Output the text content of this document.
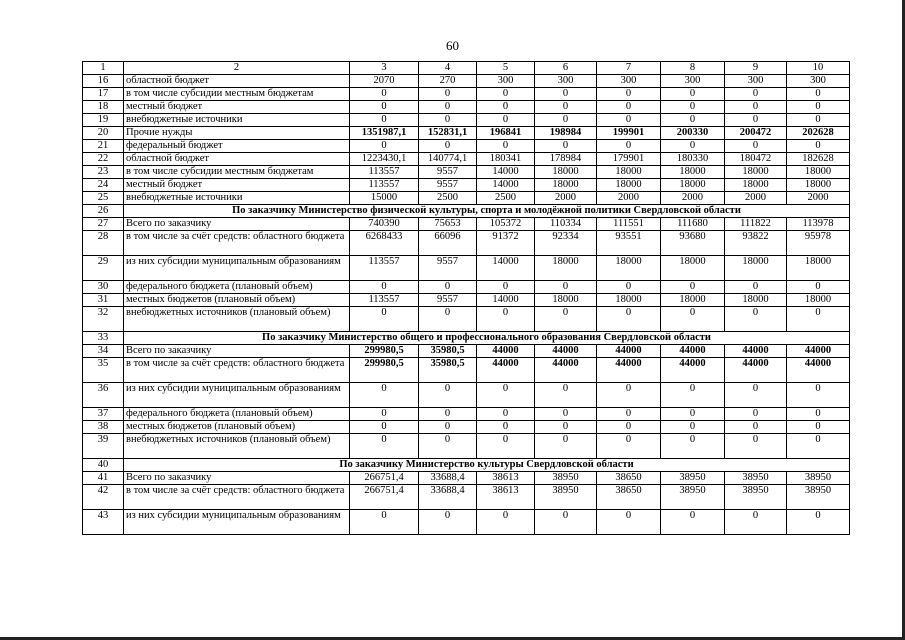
60
1	2	3	4	5	6	7	8	9	10
16	областной бюджет	2070	270	300	300	300	300	300	300
17	в том числе субсидии местным бюджетам	0	0	0	0	0	0	0	0
18	местный бюджет	0	0	0	0	0	0	0	0
19	внебюджетные источники	0	0	0	0	0	0	0	0
20	Прочие нужды	1351987,1	152831,1	196841	198984	199901	200330	200472	202628
21	федеральный бюджет	0	0	0	0	0	0	0	0
22	областной бюджет	1223430,1	140774,1	180341	178984	179901	180330	180472	182628
23	в том числе субсидии местным бюджетам	113557	9557	14000	18000	18000	18000	18000	18000
24	местный бюджет	113557	9557	14000	18000	18000	18000	18000	18000
25	внебюджетные источники	15000	2500	2500	2000	2000	2000	2000	2000
26	По заказчику Министерство физической культуры, спорта и молодёжной политики Свердловской области								
27	Всего по заказчику	740390	75653	105372	110334	111551	111680	111822	113978
28	в том числе за счёт средств: областного бюджета	6268433	66096	91372	92334	93551	93680	93822	95978
29	из них субсидии муниципальным образованиям	113557	9557	14000	18000	18000	18000	18000	18000
30	федерального бюджета (плановый объем)	0	0	0	0	0	0	0	0
31	местных бюджетов (плановый объем)	113557	9557	14000	18000	18000	18000	18000	18000
32	внебюджетных источников (плановый объем)	0	0	0	0	0	0	0	0
33	По заказчику Министерство общего и профессионального образования Свердловской области								
34	Всего по заказчику	299980,5	35980,5	44000	44000	44000	44000	44000	44000
35	в том числе за счёт средств: областного бюджета	299980,5	35980,5	44000	44000	44000	44000	44000	44000
36	из них субсидии муниципальным образованиям	0	0	0	0	0	0	0	0
37	федерального бюджета (плановый объем)	0	0	0	0	0	0	0	0
38	местных бюджетов (плановый объем)	0	0	0	0	0	0	0	0
39	внебюджетных источников (плановый объем)	0	0	0	0	0	0	0	0
40	По заказчику Министерство культуры Свердловской области								
41	Всего по заказчику	266751,4	33688,4	38613	38950	38650	38950	38950	38950
42	в том числе за счёт средств: областного бюджета	266751,4	33688,4	38613	38950	38650	38950	38950	38950
43	из них субсидии муниципальным образованиям	0	0	0	0	0	0	0	0
